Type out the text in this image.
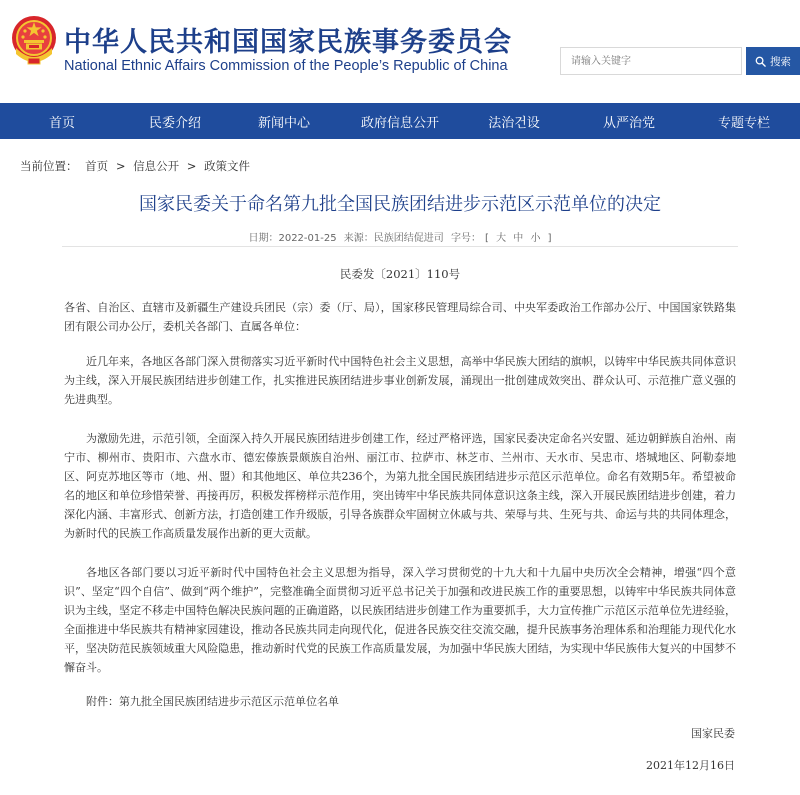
中华人民共和国国家民族事务委员会
National Ethnic Affairs Commission of the People’s Republic of China
请输入关键字	搜索
首页	民委介绍	新闻中心	政府信息公开	法治건设	从严治党	专题专栏
当前位置： 首页 > 信息公开 > 政策文件
国家民委关于命名第九批全国民族团结进步示范区示范单位的决定
日期：2022-01-25 来源：民族团结促进司 字号： [ 大 中 小 ]
民委发〔2021〕110号

各省、自治区、直辖市及新疆生产建设兵团民（宗）委（厅、局），国家移民管理局综合司、中央军委政治工作部办公厅、中国国家铁路集团有限公司办公厅，委机关各部门、直属各单位：

近几年来，各地区各部门深入贯彻落实习近平新时代中国特色社会主义思想，高举中华民族大团结的旗帜，以铸牢中华民族共同体意识为主线，深入开展民族团结进步创建工作，扎实推进民族团结进步事业创新发展，涌现出一批创建成效突出、群众认可、示范推广意义强的先进典型。

为激励先进，示范引领，全面深入持久开展民族团结进步创建工作，经过严格评选，国家民委决定命名兴安盟、延边朝鲜族自治州、南宁市、柳州市、贵阳市、六盘水市、德宏傣族景颇族自治州、丽江市、拉萨市、林芝市、兰州市、天水市、吴忠市、塔城地区、阿勒泰地区、阿克苏地区等市（地、州、盟）和其他地区、单位共236个，为第九批全国民族团结进步示范区示范单位。命名有效期5年。希望被命名的地区和单位珍惜荣誉、再接再厉，积极发挥榜样示范作用，突出铸牢中华民族共同体意识这条主线，深入开展民族团结进步创建，着力深化内涵、丰富形式、创新方法，打造创建工作升级版，引导各族群众牢固树立休戚与共、荣辱与共、生死与共、命运与共的共同体理念，为新时代的民族工作高质量发展作出新的更大贡献。

各地区各部门要以习近平新时代中国特色社会主义思想为指导，深入学习贯彻党的十九大和十九届中央历次全会精神，增强“四个意识”、坚定“四个自信”、做到“两个维护”，完整准确全面贯彻习近平总书记关于加强和改进民族工作的重要思想，以铸牢中华民族共同体意识为主线，坚定不移走中国特色解决民族问题的正确道路，以民族团结进步创建工作为重要抓手，大力宣传推广示范区示范单位先进经验，全面推进中华民族共有精神家园建设，推动各民族共同走向现代化，促进各民族交往交流交融，提升民族事务治理体系和治理能力现代化水平，坚决防范民族领域重大风险隐患，推动新时代党的民族工作高质量发展，为加强中华民族大团结，为实现中华民族伟大复兴的中国梦不懈奋斗。

附件：第九批全国民族团结进步示范区示范单位名单
国家民委
2021年12月16日
